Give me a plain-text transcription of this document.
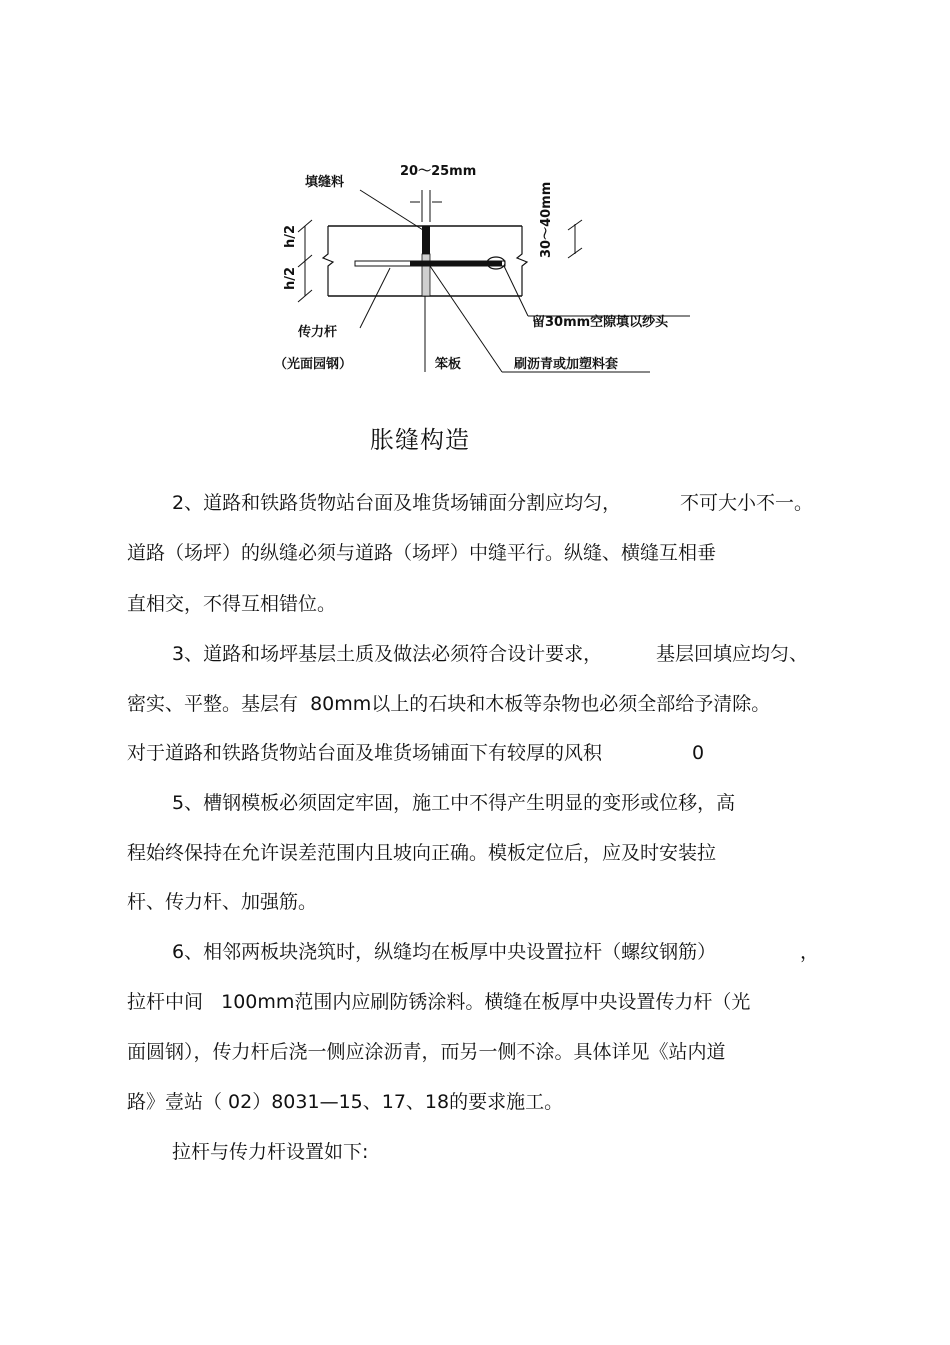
20～25mm
填缝料
h/2
h/2
30～40mm
传力杆
（光面园钢）	笨板	刷沥青或加塑料套
留30mm空隙填以纱头
胀缝构造
2、道路和铁路货物站台面及堆货场铺面分割应均匀，	不可大小不一。
道路（场坪）的纵缝必须与道路（场坪）中缝平行。纵缝、横缝互相垂
直相交，不得互相错位。
3、道路和场坪基层土质及做法必须符合设计要求，	基层回填应均匀、
密实、平整。基层有  80mm以上的石块和木板等杂物也必须全部给予清除。
对于道路和铁路货物站台面及堆货场铺面下有较厚的风积	0
5、槽钢模板必须固定牢固，施工中不得产生明显的变形或位移，高
程始终保持在允许误差范围内且坡向正确。模板定位后，应及时安装拉
杆、传力杆、加强筋。
6、相邻两板块浇筑时，纵缝均在板厚中央设置拉杆（螺纹钢筋）	，
拉杆中间   100mm范围内应刷防锈涂料。横缝在板厚中央设置传力杆（光
面圆钢），传力杆后浇一侧应涂沥青，而另一侧不涂。具体详见《站内道
路》壹站（ 02）8031—15、17、18的要求施工。
拉杆与传力杆设置如下:
